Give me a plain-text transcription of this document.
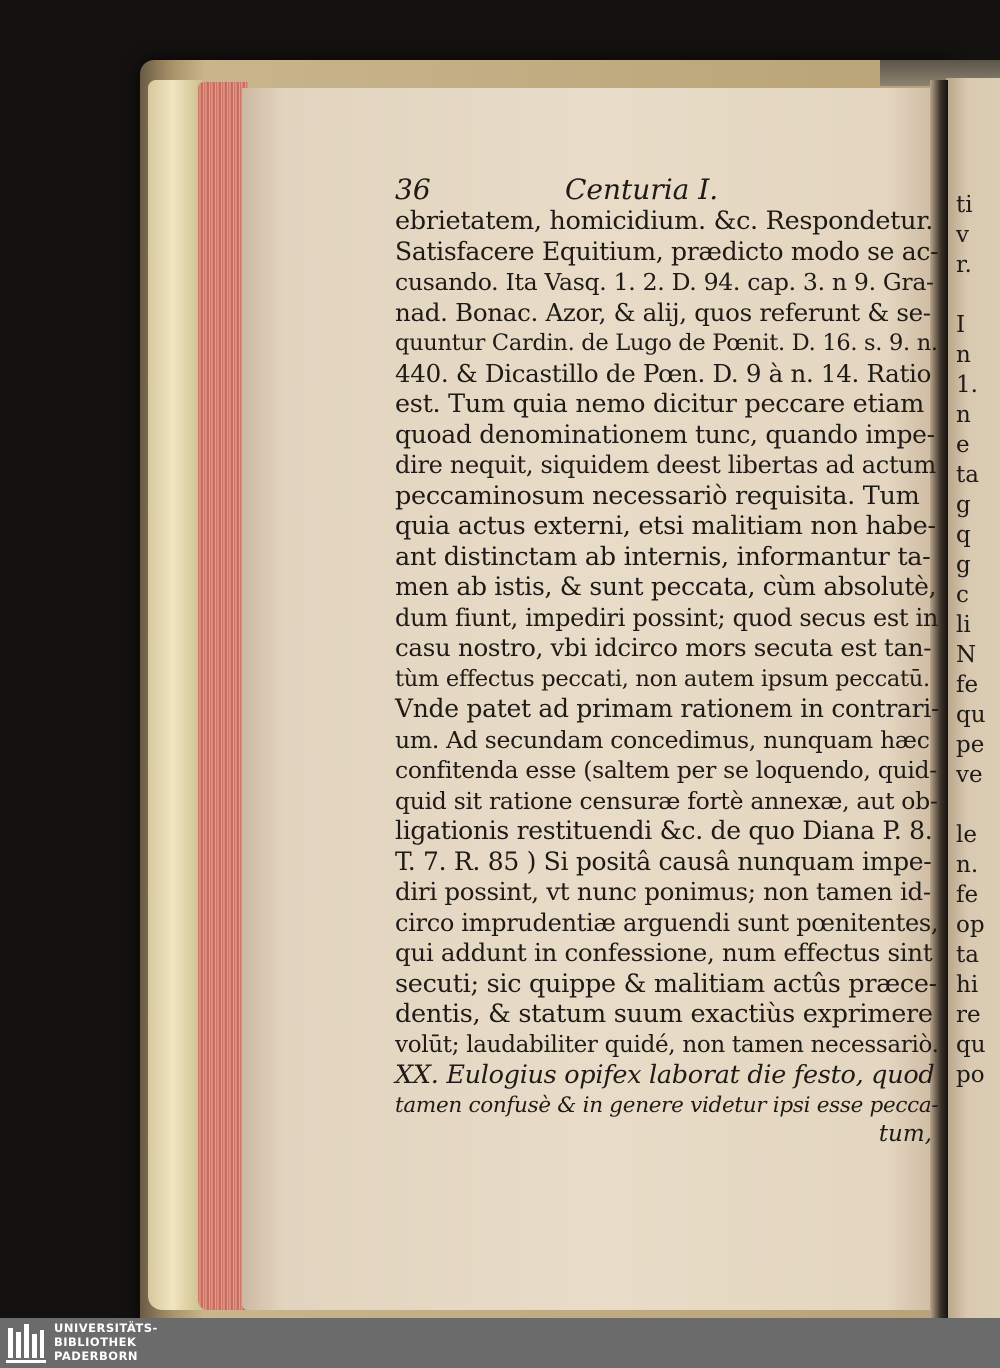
36	Centuria I.
ebrietatem, homicidium. &c. Respondetur.
Satisfacere Equitium, prædicto modo se ac-
cusando. Ita Vasq. 1. 2. D. 94. cap. 3. n 9. Gra-
nad. Bonac. Azor, & alij, quos referunt & se-
quuntur Cardin. de Lugo de Pœnit. D. 16. s. 9. n.
440. & Dicastillo de Pœn. D. 9 à n. 14. Ratio
est. Tum quia nemo dicitur peccare etiam
quoad denominationem tunc, quando impe-
dire nequit, siquidem deest libertas ad actum
peccaminosum necessariò requisita. Tum
quia actus externi, etsi malitiam non habe-
ant distinctam ab internis, informantur ta-
men ab istis, & sunt peccata, cùm absolutè,
dum fiunt, impediri possint; quod secus est in
casu nostro, vbi idcirco mors secuta est tan-
tùm effectus peccati, non autem ipsum peccatū.
Vnde patet ad primam rationem in contrari-
um. Ad secundam concedimus, nunquam hæc
confitenda esse (saltem per se loquendo, quid-
quid sit ratione censuræ fortè annexæ, aut ob-
ligationis restituendi &c. de quo Diana P. 8.
T. 7. R. 85 ) Si positâ causâ nunquam impe-
diri possint, vt nunc ponimus; non tamen id-
circo imprudentiæ arguendi sunt pœnitentes,
qui addunt in confessione, num effectus sint
secuti; sic quippe & malitiam actûs præce-
dentis, & statum suum exactiùs exprimere
volūt; laudabiliter quidé, non tamen necessariò.
XX. Eulogius opifex laborat die festo, quod
tamen confusè & in genere videtur ipsi esse pecca-
tum,
ti
v
r.
I
n
1.
n
e
ta
g
q
g
c
li
N
fe
qu
pe
ve
le
n.
fe
op
ta
hi
re
qu
po
UNIVERSITÄTS-
BIBLIOTHEK
PADERBORN
